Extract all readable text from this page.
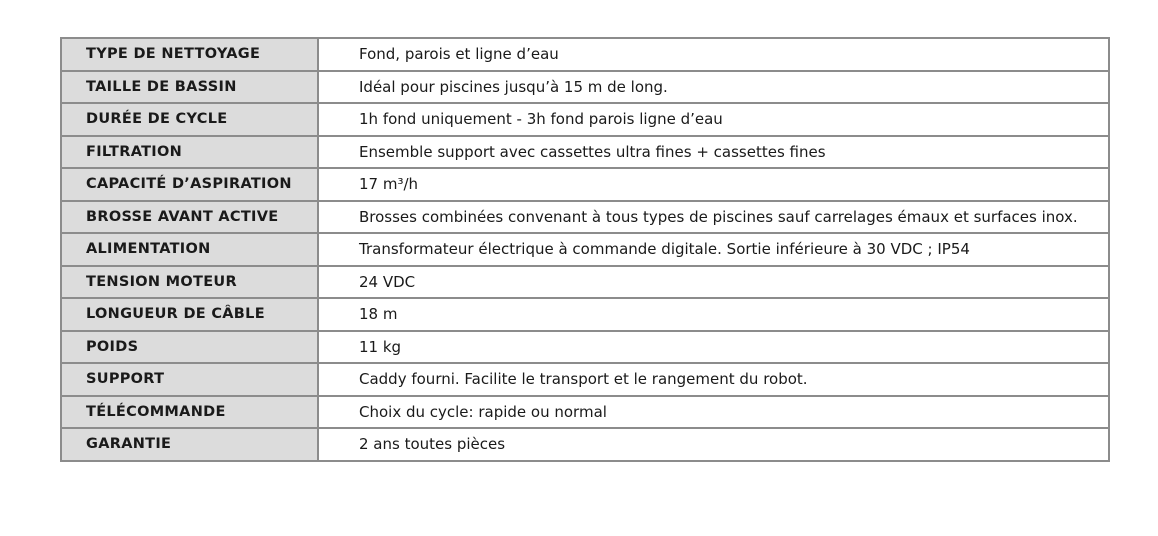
TYPE DE NETTOYAGE	Fond, parois et ligne d’eau
TAILLE DE BASSIN	Idéal pour piscines jusqu’à 15 m de long.
DURÉE DE CYCLE	1h fond uniquement - 3h fond parois ligne d’eau
FILTRATION	Ensemble support avec cassettes ultra fines + cassettes fines
CAPACITÉ D’ASPIRATION	17 m³/h
BROSSE AVANT ACTIVE	Brosses combinées convenant à tous types de piscines sauf carrelages émaux et surfaces inox.
ALIMENTATION	Transformateur électrique à commande digitale. Sortie inférieure à 30 VDC ; IP54
TENSION MOTEUR	24 VDC
LONGUEUR DE CÂBLE	18 m
POIDS	11 kg
SUPPORT	Caddy fourni. Facilite le transport et le rangement du robot.
TÉLÉCOMMANDE	Choix du cycle: rapide ou normal
GARANTIE	2 ans toutes pièces
